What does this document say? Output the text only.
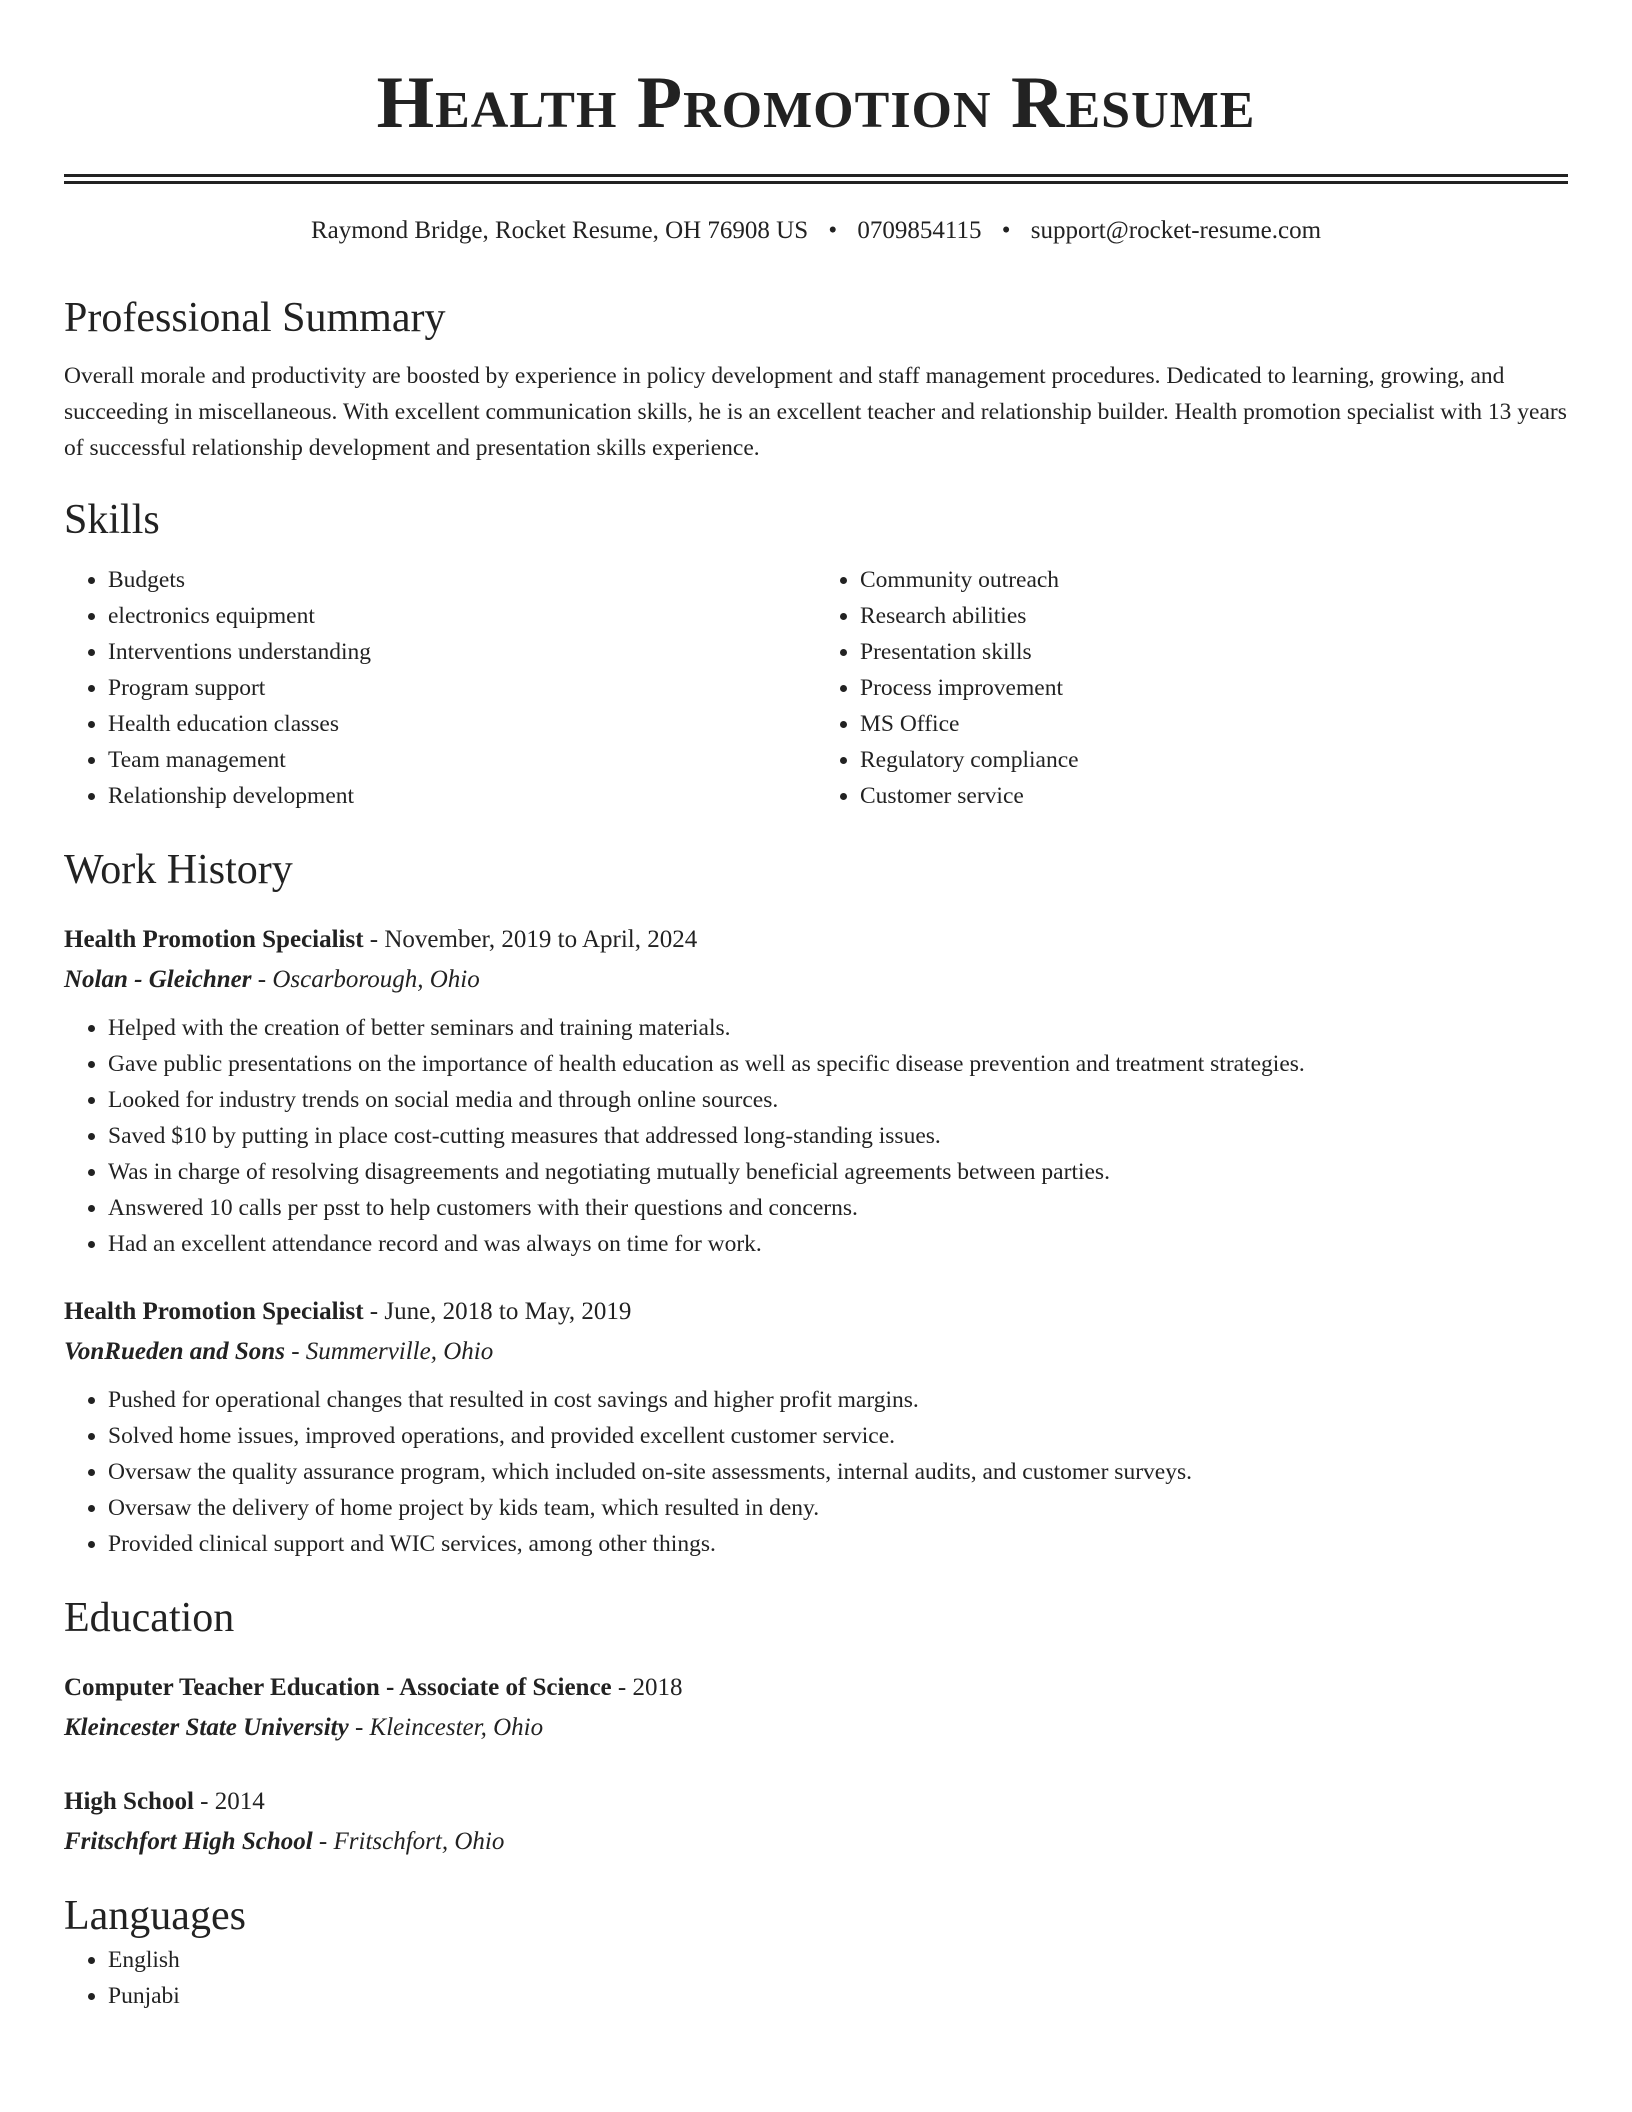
Health Promotion Resume
Raymond Bridge, Rocket Resume, OH 76908 US • 0709854115 • support@rocket-resume.com
Professional Summary

Overall morale and productivity are boosted by experience in policy development and staff management procedures. Dedicated to learning, growing, and succeeding in miscellaneous. With excellent communication skills, he is an excellent teacher and relationship builder. Health promotion specialist with 13 years of successful relationship development and presentation skills experience.

Skills
• Budgets
• electronics equipment
• Interventions understanding
• Program support
• Health education classes
• Team management
• Relationship development
• Community outreach
• Research abilities
• Presentation skills
• Process improvement
• MS Office
• Regulatory compliance
• Customer service
Work History
Health Promotion Specialist - November, 2019 to April, 2024
Nolan - Gleichner - Oscarborough, Ohio
• Helped with the creation of better seminars and training materials.
• Gave public presentations on the importance of health education as well as specific disease prevention and treatment strategies.
• Looked for industry trends on social media and through online sources.
• Saved $10 by putting in place cost-cutting measures that addressed long-standing issues.
• Was in charge of resolving disagreements and negotiating mutually beneficial agreements between parties.
• Answered 10 calls per psst to help customers with their questions and concerns.
• Had an excellent attendance record and was always on time for work.
Health Promotion Specialist - June, 2018 to May, 2019
VonRueden and Sons - Summerville, Ohio
• Pushed for operational changes that resulted in cost savings and higher profit margins.
• Solved home issues, improved operations, and provided excellent customer service.
• Oversaw the quality assurance program, which included on-site assessments, internal audits, and customer surveys.
• Oversaw the delivery of home project by kids team, which resulted in deny.
• Provided clinical support and WIC services, among other things.
Education
Computer Teacher Education - Associate of Science - 2018
Kleincester State University - Kleincester, Ohio
High School - 2014
Fritschfort High School - Fritschfort, Ohio
Languages
• English
• Punjabi
